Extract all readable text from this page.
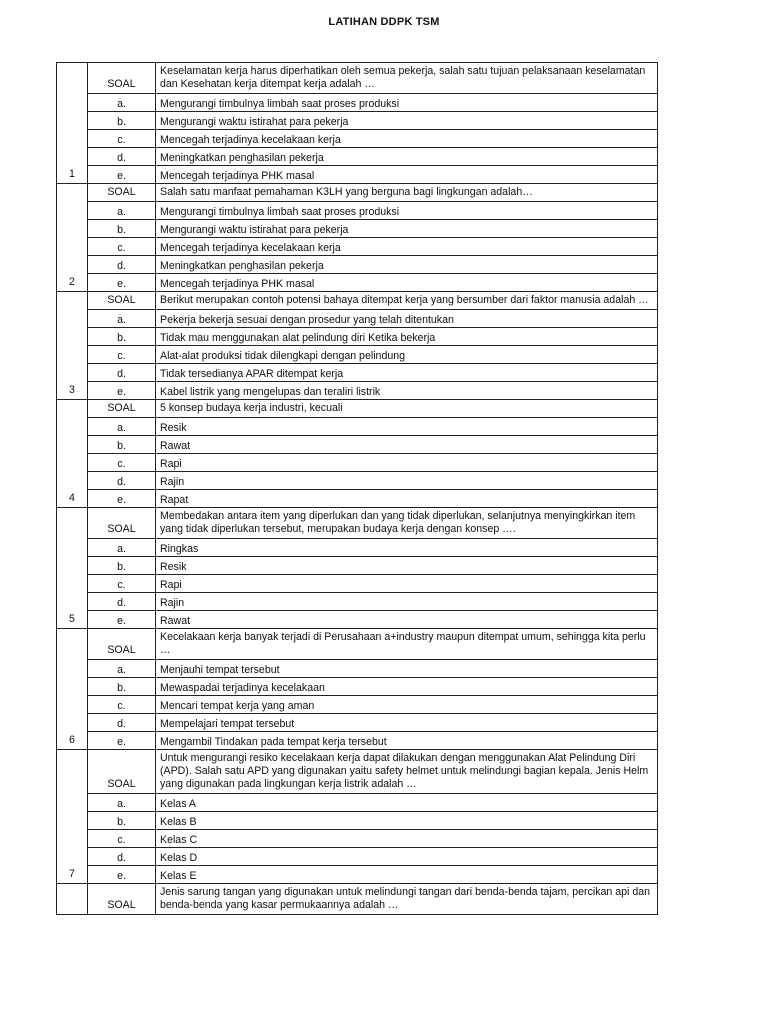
LATIHAN DDPK TSM
1	SOAL	Keselamatan kerja harus diperhatikan oleh semua pekerja, salah satu tujuan pelaksanaan keselamatan dan Kesehatan kerja ditempat kerja adalah …
	a.	Mengurangi timbulnya limbah saat proses produksi
	b.	Mengurangi waktu istirahat para pekerja
	c.	Mencegah terjadinya kecelakaan kerja
	d.	Meningkatkan penghasilan pekerja
	e.	Mencegah terjadinya PHK masal
2	SOAL	Salah satu manfaat pemahaman K3LH yang berguna bagi lingkungan adalah…
	a.	Mengurangi timbulnya limbah saat proses produksi
	b.	Mengurangi waktu istirahat para pekerja
	c.	Mencegah terjadinya kecelakaan kerja
	d.	Meningkatkan penghasilan pekerja
	e.	Mencegah terjadinya PHK masal
3	SOAL	Berikut merupakan contoh potensi bahaya ditempat kerja yang bersumber dari faktor manusia adalah …
	a.	Pekerja bekerja sesuai dengan prosedur yang telah ditentukan
	b.	Tidak mau menggunakan alat pelindung diri Ketika bekerja
	c.	Alat-alat produksi tidak dilengkapi dengan pelindung
	d.	Tidak tersedianya APAR ditempat kerja
	e.	Kabel listrik yang mengelupas dan teraliri listrik
4	SOAL	5 konsep budaya kerja industri, kecuali
	a.	Resik
	b.	Rawat
	c.	Rapi
	d.	Rajin
	e.	Rapat
5	SOAL	Membedakan antara item yang diperlukan dan yang tidak diperlukan, selanjutnya menyingkirkan item yang tidak diperlukan tersebut, merupakan budaya kerja dengan konsep ….
	a.	Ringkas
	b.	Resik
	c.	Rapi
	d.	Rajin
	e.	Rawat
6	SOAL	Kecelakaan kerja banyak terjadi di Perusahaan a+industry maupun ditempat umum, sehingga kita perlu …
	a.	Menjauhi tempat tersebut
	b.	Mewaspadai terjadinya kecelakaan
	c.	Mencari tempat kerja yang aman
	d.	Mempelajari tempat tersebut
	e.	Mengambil Tindakan pada tempat kerja tersebut
7	SOAL	Untuk mengurangi resiko kecelakaan kerja dapat dilakukan dengan menggunakan Alat Pelindung Diri (APD). Salah satu APD yang digunakan yaitu safety helmet untuk melindungi bagian kepala. Jenis Helm yang digunakan pada lingkungan kerja listrik adalah …
	a.	Kelas A
	b.	Kelas B
	c.	Kelas C
	d.	Kelas D
	e.	Kelas E
	SOAL	Jenis sarung tangan yang digunakan untuk melindungi tangan dari benda-benda tajam, percikan api dan benda-benda yang kasar permukaannya adalah …
